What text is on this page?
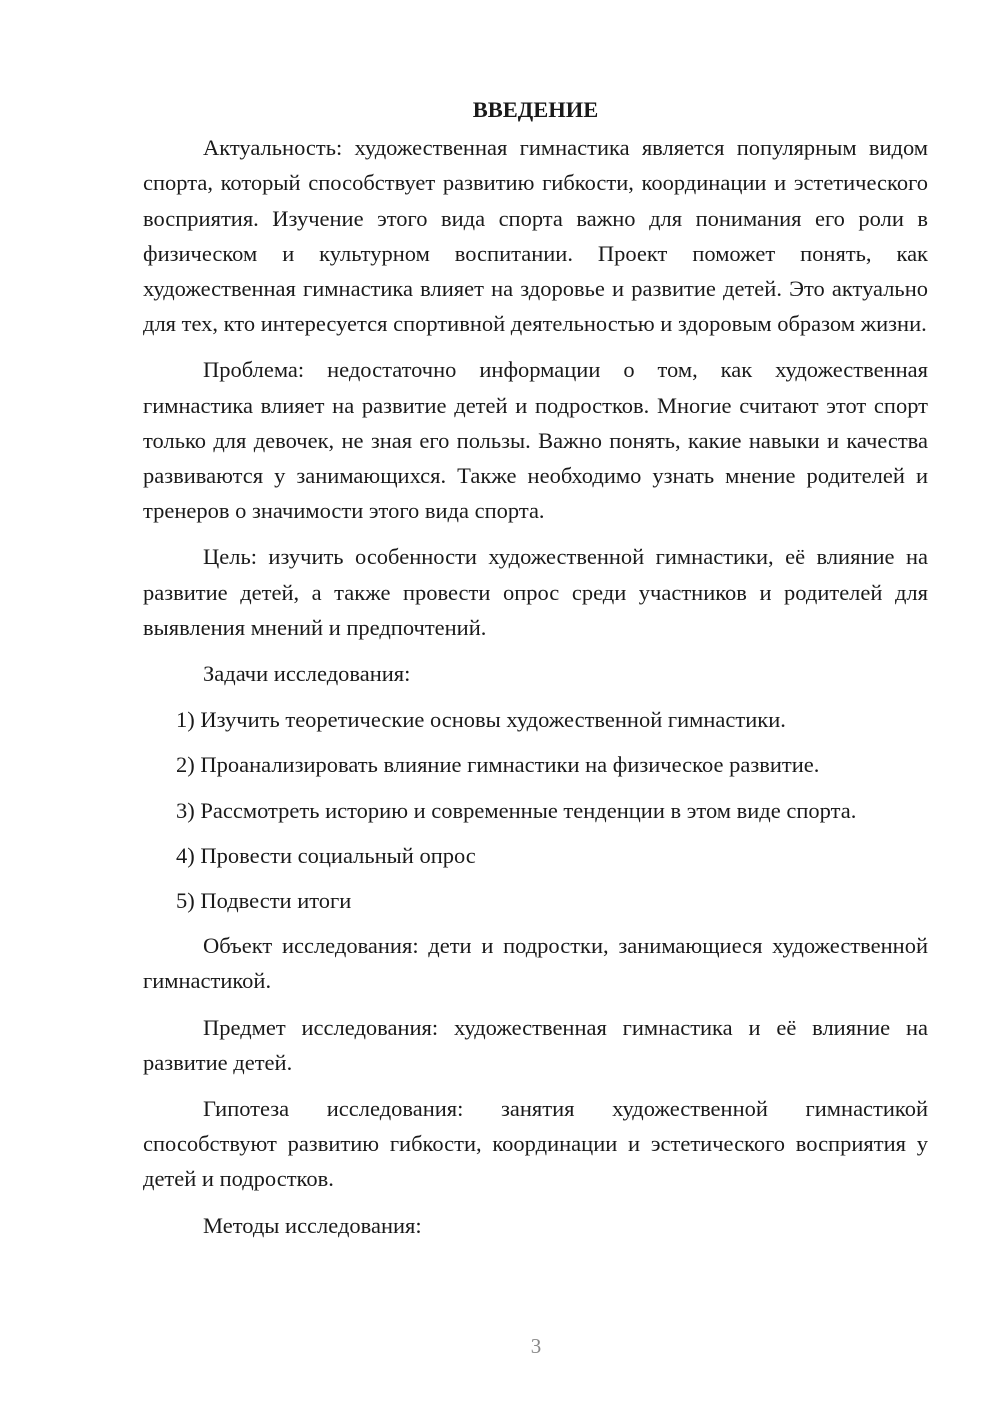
ВВЕДЕНИЕ

Актуальность: художественная гимнастика является популярным видом спорта, который способствует развитию гибкости, координации и эстетического восприятия. Изучение этого вида спорта важно для понимания его роли в физическом и культурном воспитании. Проект поможет понять, как художественная гимнастика влияет на здоровье и развитие детей. Это актуально для тех, кто интересуется спортивной деятельностью и здоровым образом жизни.

Проблема: недостаточно информации о том, как художественная гимнастика влияет на развитие детей и подростков. Многие считают этот спорт только для девочек, не зная его пользы. Важно понять, какие навыки и качества развиваются у занимающихся. Также необходимо узнать мнение родителей и тренеров о значимости этого вида спорта.

Цель: изучить особенности художественной гимнастики, её влияние на развитие детей, а также провести опрос среди участников и родителей для выявления мнений и предпочтений.

Задачи исследования:

1) Изучить теоретические основы художественной гимнастики.

2) Проанализировать влияние гимнастики на физическое развитие.

3) Рассмотреть историю и современные тенденции в этом виде спорта.

4) Провести социальный опрос

5) Подвести итоги

Объект исследования: дети и подростки, занимающиеся художественной гимнастикой.

Предмет исследования: художественная гимнастика и её влияние на развитие детей.

Гипотеза исследования: занятия художественной гимнастикой способствуют развитию гибкости, координации и эстетического восприятия у детей и подростков.

Методы исследования:

3
